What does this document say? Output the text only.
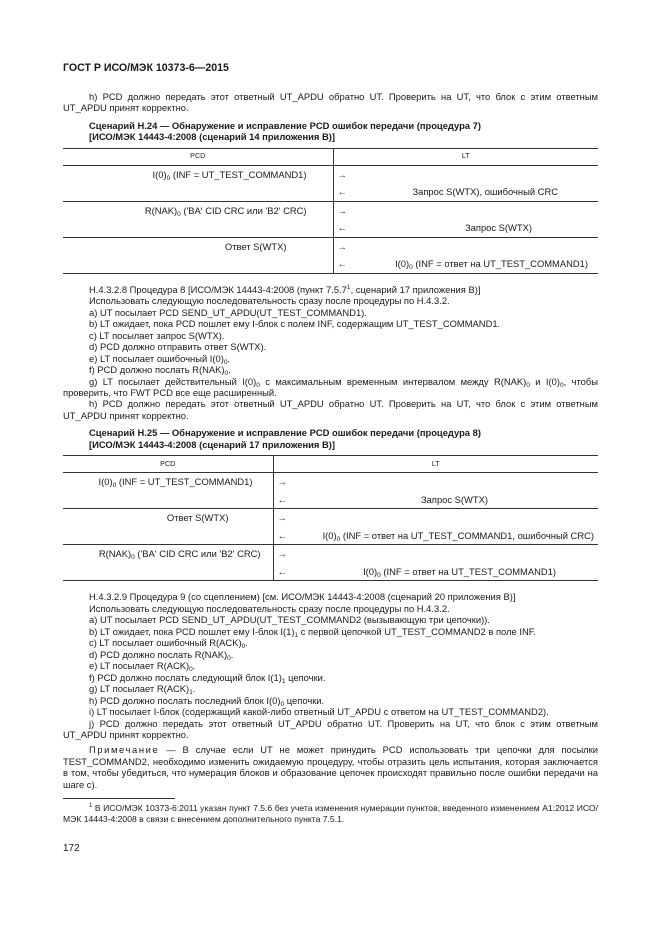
ГОСТ Р ИСО/МЭК 10373-6—2015

h) PCD должно передать этот ответный UT_APDU обратно UT. Проверить на UT, что блок с этим ответным UT_APDU принят корректно.

Сценарий Н.24 — Обнаружение и исправление PCD ошибок передачи (процедура 7)
[ИСО/МЭК 14443-4:2008 (сценарий 14 приложения В)]
PCD	LT	
$I(0)_0$ (INF = UT_TEST_COMMAND1)	→	
	←	Запрос S(WTX), ошибочный CRC
$R(NAK)_0$ ('BA' CID CRC или 'B2' CRC)	→	
	←	Запрос S(WTX)
Ответ S(WTX)	→	
	←	$I(0)_0$ (INF = ответ на UT_TEST_COMMAND1)

Н.4.3.2.8 Процедура 8 [ИСО/МЭК 14443-4:2008 (пункт 7.5.7$^1$, сценарий 17 приложения В)]

Использовать следующую последовательность сразу после процедуры по Н.4.3.2.

a) UT посылает PCD SEND_UT_APDU(UT_TEST_COMMAND1).

b) LT ожидает, пока PCD пошлет ему I-блок с полем INF, содержащим UT_TEST_COMMAND1.

c) LT посылает запрос S(WTX).

d) PCD должно отправить ответ S(WTX).

e) LT посылает ошибочный $I(0)_0$.

f) PCD должно послать $R(NAK)_0$.

g) LT посылает действительный $I(0)_0$ с максимальным временным интервалом между $R(NAK)_0$ и $I(0)_0$, чтобы проверить, что FWT PCD все еще расширенный.

h) PCD должно передать этот ответный UT_APDU обратно UT. Проверить на UT, что блок с этим ответным UT_APDU принят корректно.

Сценарий Н.25 — Обнаружение и исправление PCD ошибок передачи (процедура 8)
[ИСО/МЭК 14443-4:2008 (сценарий 17 приложения В)]
PCD	LT	
$I(0)_0$ (INF = UT_TEST_COMMAND1)	→	
	←	Запрос S(WTX)
Ответ S(WTX)	→	
	←	$I(0)_0$ (INF = ответ на UT_TEST_COMMAND1, ошибочный CRC)
$R(NAK)_0$ ('BA' CID CRC или 'B2' CRC)	→	
	←	$I(0)_0$ (INF = ответ на UT_TEST_COMMAND1)

Н.4.3.2.9 Процедура 9 (со сцеплением) [см. ИСО/МЭК 14443-4:2008 (сценарий 20 приложения В)]

Использовать следующую последовательность сразу после процедуры по Н.4.3.2.

a) UT посылает PCD SEND_UT_APDU(UT_TEST_COMMAND2 (вызывающую три цепочки)).

b) LT ожидает, пока PCD пошлет ему I-блок $I(1)_1$ с первой цепочкой UT_TEST_COMMAND2 в поле INF.

c) LT посылает ошибочный $R(ACK)_0$.

d) PCD должно послать $R(NAK)_0$.

e) LT посылает $R(ACK)_0$.

f) PCD должно послать следующий блок $I(1)_1$ цепочки.

g) LT посылает $R(ACK)_1$.

h) PCD должно послать последний блок $I(0)_0$ цепочки.

i) LT посылает I-блок (содержащий какой-либо ответный UT_APDU с ответом на UT_TEST_COMMAND2).

j) PCD должно передать этот ответный UT_APDU обратно UT. Проверить на UT, что блок с этим ответным UT_APDU принят корректно.

Примечание — В случае если UT не может принудить PCD использовать три цепочки для посылки TEST_COMMAND2, необходимо изменить ожидаемую процедуру, чтобы отразить цель испытания, которая заключается в том, чтобы убедиться, что нумерация блоков и образование цепочек происходят правильно после ошибки передачи на шаге с).

$^1$ В ИСО/МЭК 10373-6:2011 указан пункт 7.5.6 без учета изменения нумерации пунктов, введенного изменением А1:2012 ИСО/МЭК 14443-4:2008 в связи с внесением дополнительного пункта 7.5.1.

172
